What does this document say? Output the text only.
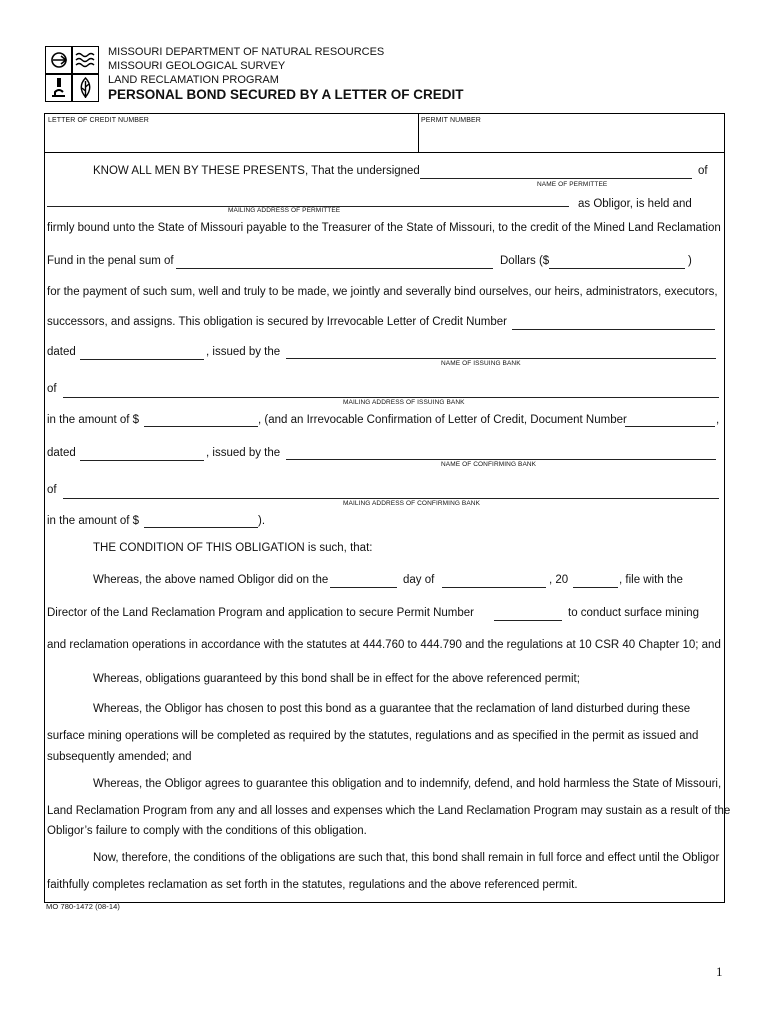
MISSOURI DEPARTMENT OF NATURAL RESOURCES
MISSOURI GEOLOGICAL SURVEY
LAND RECLAMATION PROGRAM
PERSONAL BOND SECURED BY A LETTER OF CREDIT
LETTER OF CREDIT NUMBER	PERMIT NUMBER
KNOW ALL MEN BY THESE PRESENTS, That the undersigned	of
NAME OF PERMITTEE
as Obligor, is held and
MAILING ADDRESS OF PERMITTEE
firmly bound unto the State of Missouri payable to the Treasurer of the State of Missouri, to the credit of the Mined Land Reclamation
Fund in the penal sum of	Dollars ($	)
for the payment of such sum, well and truly to be made, we jointly and severally bind ourselves, our heirs, administrators, executors,
successors, and assigns. This obligation is secured by Irrevocable Letter of Credit Number
dated	, issued by the
NAME OF ISSUING BANK
of
MAILING ADDRESS OF ISSUING BANK
in the amount of $	, (and an Irrevocable Confirmation of Letter of Credit, Document Number	,
dated	, issued by the
NAME OF CONFIRMING BANK
of
MAILING ADDRESS OF CONFIRMING BANK
in the amount of $	).
THE CONDITION OF THIS OBLIGATION is such, that:
Whereas, the above named Obligor did on the	day of	, 20	, file with the
Director of the Land Reclamation Program and application to secure Permit Number	to conduct surface mining
and reclamation operations in accordance with the statutes at 444.760 to 444.790 and the regulations at 10 CSR 40 Chapter 10; and
Whereas, obligations guaranteed by this bond shall be in effect for the above referenced permit;
Whereas, the Obligor has chosen to post this bond as a guarantee that the reclamation of land disturbed during these
surface mining operations will be completed as required by the statutes, regulations and as specified in the permit as issued and
subsequently amended; and
Whereas, the Obligor agrees to guarantee this obligation and to indemnify, defend, and hold harmless the State of Missouri,
Land Reclamation Program from any and all losses and expenses which the Land Reclamation Program may sustain as a result of the
Obligor’s failure to comply with the conditions of this obligation.
Now, therefore, the conditions of the obligations are such that, this bond shall remain in full force and effect until the Obligor
faithfully completes reclamation as set forth in the statutes, regulations and the above referenced permit.
MO 780-1472 (08-14)
1
